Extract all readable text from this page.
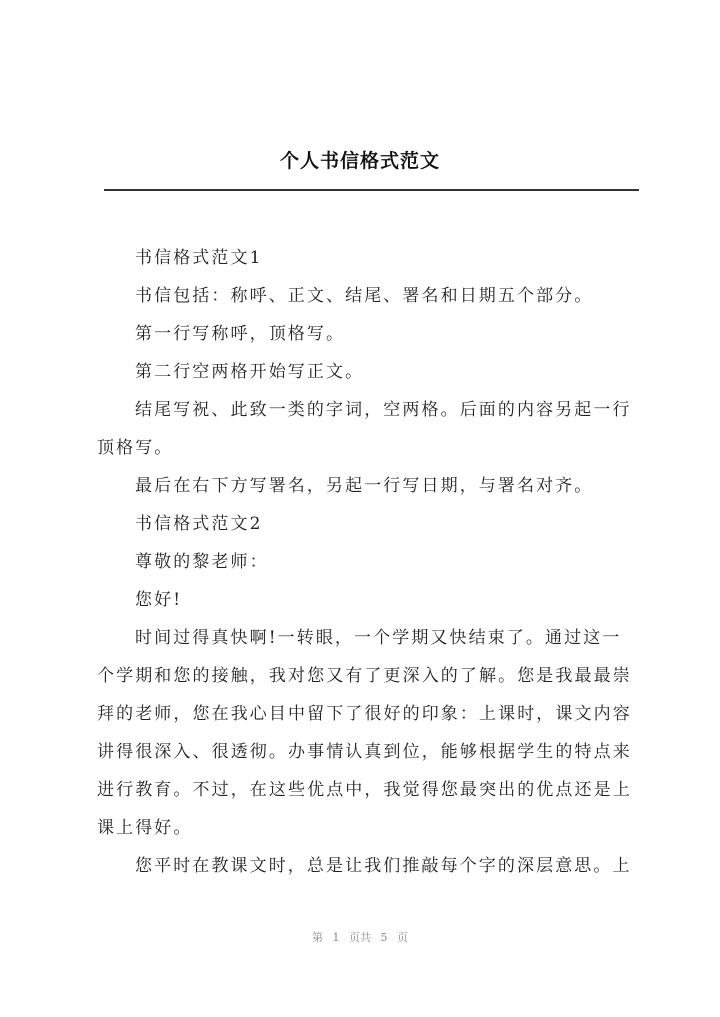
个人书信格式范文
书信格式范文1
书信包括：称呼、正文、结尾、署名和日期五个部分。
第一行写称呼，顶格写。
第二行空两格开始写正文。
结尾写祝、此致一类的字词，空两格。后面的内容另起一行
顶格写。
最后在右下方写署名，另起一行写日期，与署名对齐。
书信格式范文2
尊敬的黎老师：
您好!
时间过得真快啊!一转眼，一个学期又快结束了。通过这一
个学期和您的接触，我对您又有了更深入的了解。您是我最最崇
拜的老师，您在我心目中留下了很好的印象：上课时，课文内容
讲得很深入、很透彻。办事情认真到位，能够根据学生的特点来
进行教育。不过，在这些优点中，我觉得您最突出的优点还是上
课上得好。
您平时在教课文时，总是让我们推敲每个字的深层意思。上
第 1 页共 5 页
